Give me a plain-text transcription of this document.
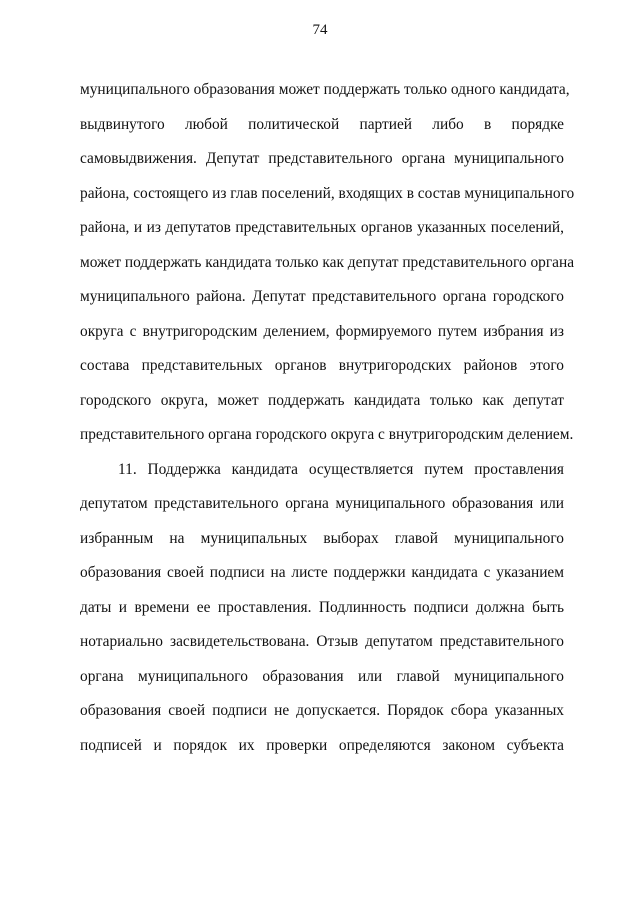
74
муниципального образования может поддержать только одного кандидата,
выдвинутого любой политической партией либо в порядке
самовыдвижения. Депутат представительного органа муниципального
района, состоящего из глав поселений, входящих в состав муниципального
района, и из депутатов представительных органов указанных поселений,
может поддержать кандидата только как депутат представительного органа
муниципального района. Депутат представительного органа городского
округа с внутригородским делением, формируемого путем избрания из
состава представительных органов внутригородских районов этого
городского округа, может поддержать кандидата только как депутат
представительного органа городского округа с внутригородским делением.
11. Поддержка кандидата осуществляется путем проставления
депутатом представительного органа муниципального образования или
избранным на муниципальных выборах главой муниципального
образования своей подписи на листе поддержки кандидата с указанием
даты и времени ее проставления. Подлинность подписи должна быть
нотариально засвидетельствована. Отзыв депутатом представительного
органа муниципального образования или главой муниципального
образования своей подписи не допускается. Порядок сбора указанных
подписей и порядок их проверки определяются законом субъекта
